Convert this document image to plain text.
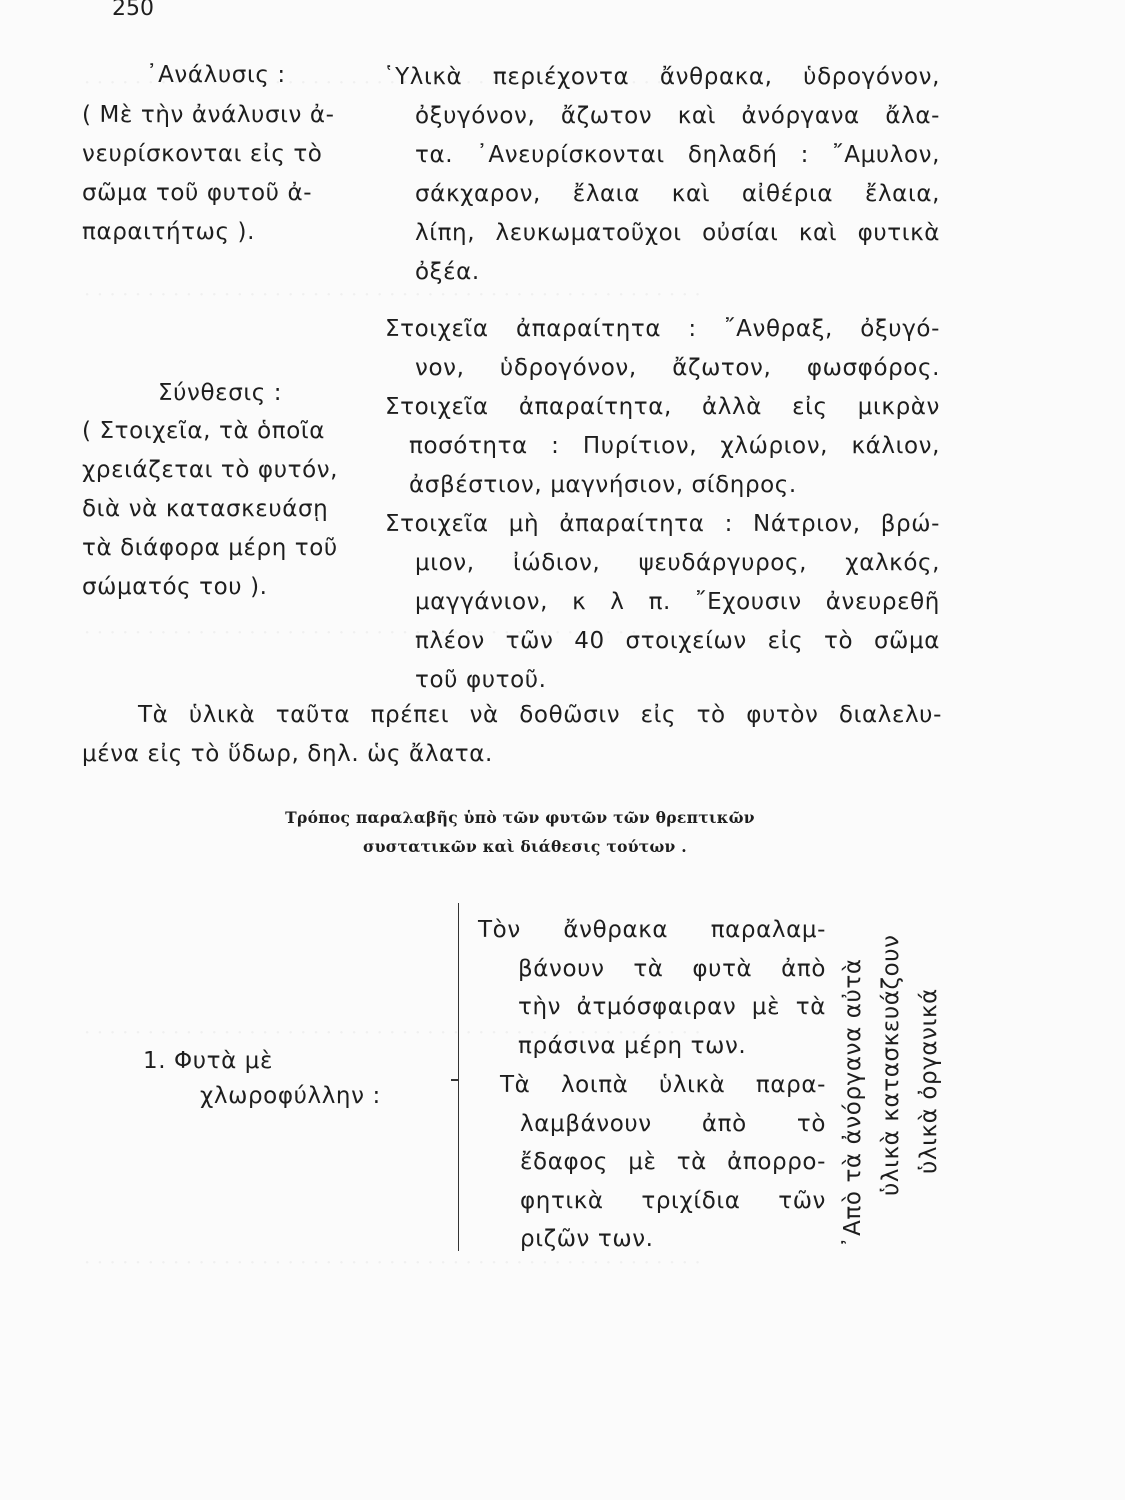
250
᾿Ανάλυσις :
( Μὲ τὴν ἀνάλυσιν ἀ-
νευρίσκονται εἰς τὸ
σῶμα τοῦ φυτοῦ ἀ-
παραιτήτως ).
῾Υλικὰ περιέχοντα ἄνθρακα, ὑδρογόνον,
ὀξυγόνον, ἄζωτον καὶ ἀνόργανα ἄλα-
τα. ᾿Ανευρίσκονται δηλαδή : ῎Αμυλον,
σάκχαρον, ἔλαια καὶ αἰθέρια ἔλαια,
λίπη, λευκωματοῦχοι οὐσίαι καὶ φυτικὰ
ὀξέα.
Σύνθεσις :
( Στοιχεῖα, τὰ ὁποῖα
χρειάζεται τὸ φυτόν,
διὰ νὰ κατασκευάσῃ
τὰ διάφορα μέρη τοῦ
σώματός του ).
Στοιχεῖα ἀπαραίτητα : ῎Ανθραξ, ὀξυγό-
νον, ὑδρογόνον, ἄζωτον, φωσφόρος.
Στοιχεῖα ἀπαραίτητα, ἀλλὰ εἰς μικρὰν
ποσότητα : Πυρίτιον, χλώριον, κάλιον,
ἀσβέστιον, μαγνήσιον, σίδηρος.
Στοιχεῖα μὴ ἀπαραίτητα : Νάτριον, βρώ-
μιον, ἰώδιον, ψευδάργυρος, χαλκός,
μαγγάνιον, κ λ π. ῎Εχουσιν ἀνευρεθῆ
πλέον τῶν 40 στοιχείων εἰς τὸ σῶμα
τοῦ φυτοῦ.
Τὰ ὑλικὰ ταῦτα πρέπει νὰ δοθῶσιν εἰς τὸ φυτὸν διαλελυ-
μένα εἰς τὸ ὕδωρ, δηλ. ὡς ἄλατα.
Τρόπος παραλαβῆς ὑπὸ τῶν φυτῶν τῶν θρεπτικῶν
συστατικῶν καὶ διάθεσις τούτων .
1. Φυτὰ μὲ
χλωροφύλλην :
Τὸν ἄνθρακα παραλαμ-
βάνουν τὰ φυτὰ ἀπὸ
τὴν ἀτμόσφαιραν μὲ τὰ
πράσινα μέρη των.
Τὰ λοιπὰ ὑλικὰ παρα-
λαμβάνουν ἀπὸ τὸ
ἔδαφος μὲ τὰ ἀπορρο-
φητικὰ τριχίδια τῶν
ριζῶν των.	᾿Απὸ τὰ ἀνόργανα αὐτὰ ὑλικὰ κατασκευάζουν ὑλικὰ ὀργανικά
